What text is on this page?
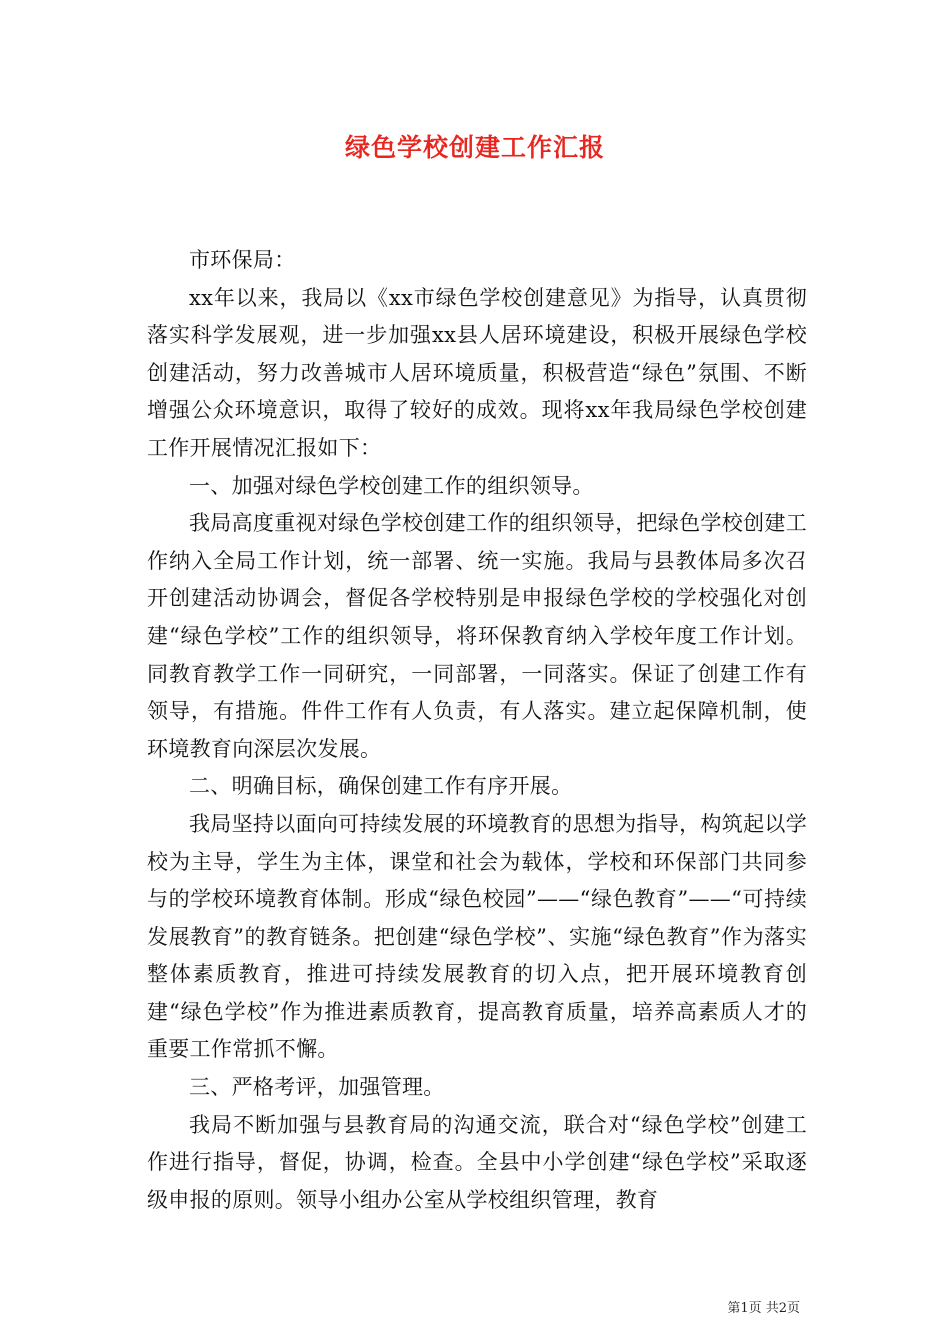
绿色学校创建工作汇报

市环保局：

xx年以来，我局以《xx市绿色学校创建意见》为指导，认真贯彻落实科学发展观，进一步加强xx县人居环境建设，积极开展绿色学校创建活动，努力改善城市人居环境质量，积极营造“绿色”氛围、不断增强公众环境意识，取得了较好的成效。现将xx年我局绿色学校创建工作开展情况汇报如下：

一、加强对绿色学校创建工作的组织领导。

我局高度重视对绿色学校创建工作的组织领导，把绿色学校创建工作纳入全局工作计划，统一部署、统一实施。我局与县教体局多次召开创建活动协调会，督促各学校特别是申报绿色学校的学校强化对创建“绿色学校”工作的组织领导，将环保教育纳入学校年度工作计划。同教育教学工作一同研究，一同部署，一同落实。保证了创建工作有领导，有措施。件件工作有人负责，有人落实。建立起保障机制，使环境教育向深层次发展。

二、明确目标，确保创建工作有序开展。

我局坚持以面向可持续发展的环境教育的思想为指导，构筑起以学校为主导，学生为主体，课堂和社会为载体，学校和环保部门共同参与的学校环境教育体制。形成“绿色校园”——“绿色教育”——“可持续发展教育”的教育链条。把创建“绿色学校”、实施“绿色教育”作为落实整体素质教育，推进可持续发展教育的切入点，把开展环境教育创建“绿色学校”作为推进素质教育，提高教育质量，培养高素质人才的重要工作常抓不懈。

三、严格考评，加强管理。

我局不断加强与县教育局的沟通交流，联合对“绿色学校”创建工作进行指导，督促，协调，检查。全县中小学创建“绿色学校”采取逐级申报的原则。领导小组办公室从学校组织管理，教育

第1页 共2页
